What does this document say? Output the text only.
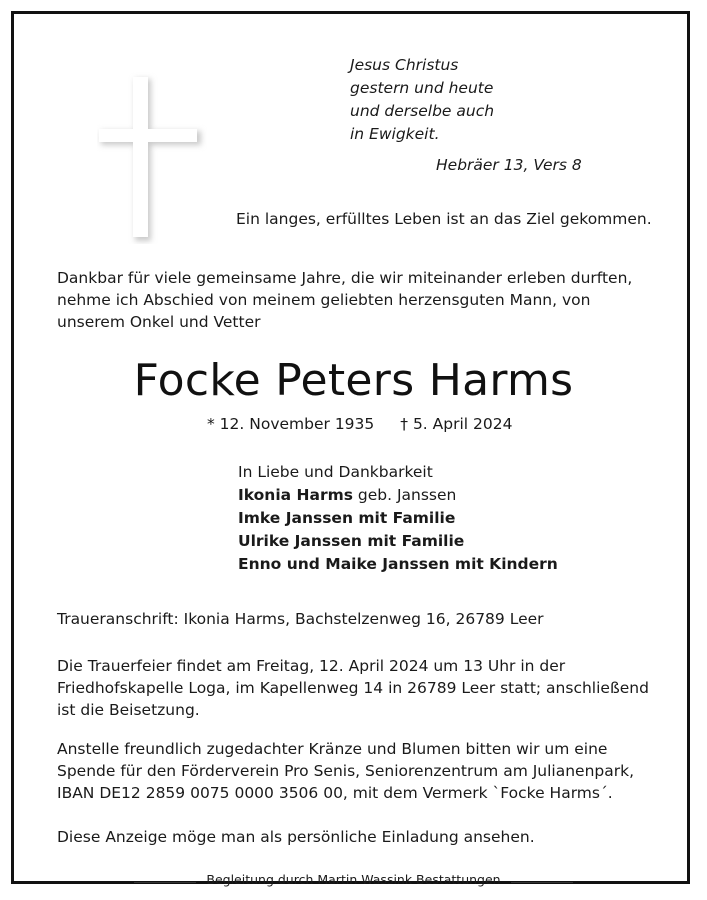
Jesus Christus
gestern und heute
und derselbe auch
in Ewigkeit.
Hebräer 13, Vers 8
Ein langes, erfülltes Leben ist an das Ziel gekommen.

Dankbar für viele gemeinsame Jahre, die wir miteinander erleben durften,

nehme ich Abschied von meinem geliebten herzensguten Mann, von

unserem Onkel und Vetter

Focke Peters Harms
* 12. November 1935 † 5. April 2024
In Liebe und Dankbarkeit
Ikonia Harms geb. Janssen
Imke Janssen mit Familie
Ulrike Janssen mit Familie
Enno und Maike Janssen mit Kindern

Traueranschrift: Ikonia Harms, Bachstelzenweg 16, 26789 Leer

Die Trauerfeier findet am Freitag, 12. April 2024 um 13 Uhr in der

Friedhofskapelle Loga, im Kapellenweg 14 in 26789 Leer statt; anschließend

ist die Beisetzung.

Anstelle freundlich zugedachter Kränze und Blumen bitten wir um eine

Spende für den Förderverein Pro Senis, Seniorenzentrum am Julianenpark,

IBAN DE12 2859 0075 0000 3506 00, mit dem Vermerk `Focke Harms´.

Diese Anzeige möge man als persönliche Einladung ansehen.

Begleitung durch Martin Wassink Bestattungen
